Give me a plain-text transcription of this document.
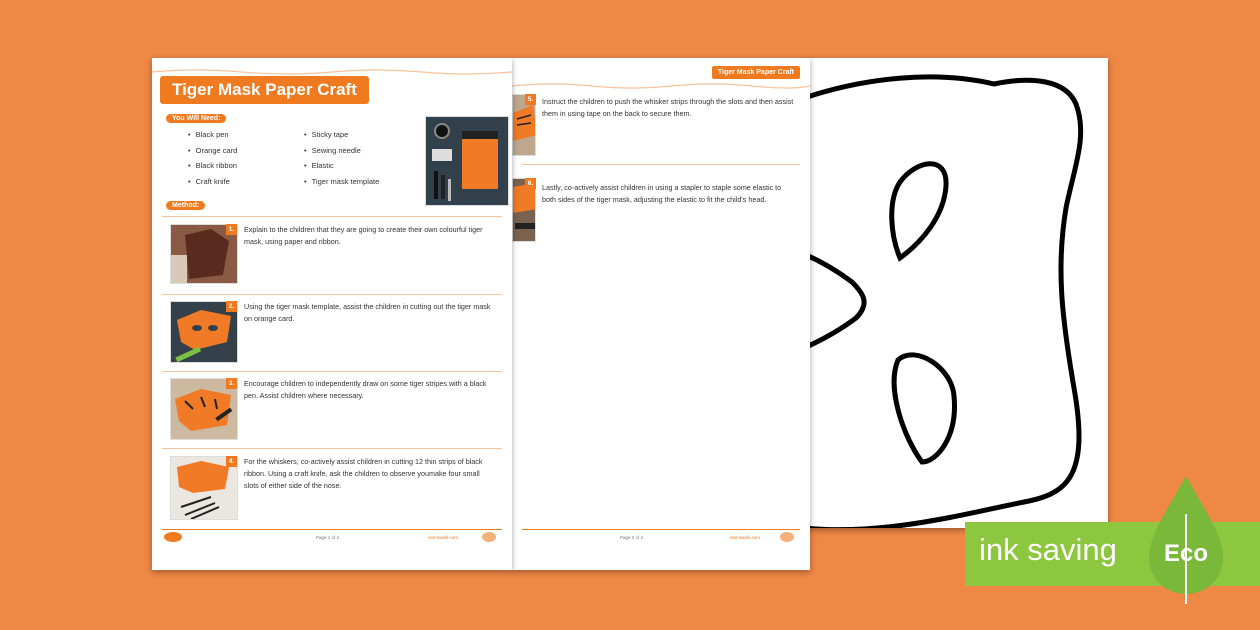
Tiger Mask Paper Craft
You Will Need:
• Black pen
• Orange card
• Black ribbon
• Craft knife
• Sticky tape
• Sewing needle
• Elastic
• Tiger mask template
Method:
1.	Explain to the children that they are going to create their own colourful tiger mask, using paper and ribbon.
2.	Using the tiger mask template, assist the children in cutting out the tiger mask on orange card.
3.	Encourage children to independently draw on some tiger stripes with a black pen. Assist children where necessary.
4.	For the whiskers, co-actively assist children in cutting 12 thin strips of black ribbon. Using a craft knife, ask the children to observe youmake four small slots of either side of the nose.
Page 1 of 2	visit twinkl.com
Tiger Mask Paper Craft
5.	Instruct the children to push the whisker strips through the slots and then assist them in using tape on the back to secure them.
6.	Lastly, co-actively assist children in using a stapler to staple some elastic to both sides of the tiger mask, adjusting the elastic to fit the child's head.
Page 2 of 2	visit twinkl.com	ink saving Eco
